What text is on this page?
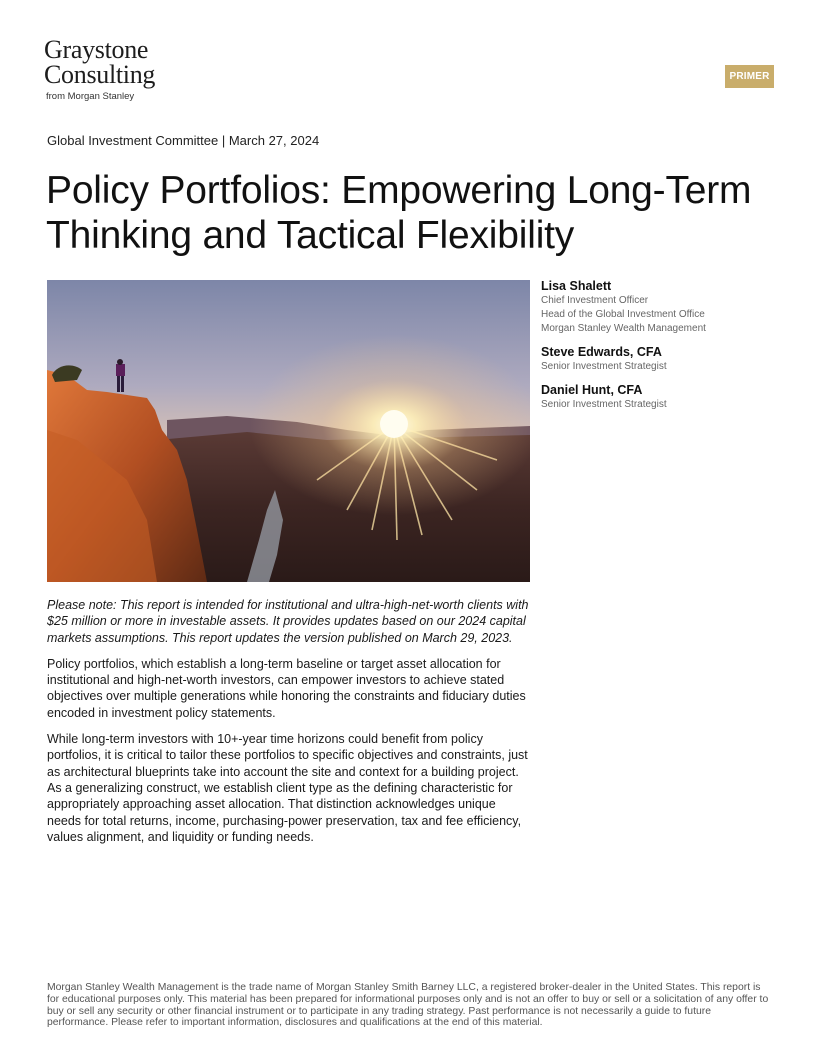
Graystone
Consulting
from Morgan Stanley
PRIMER
Global Investment Committee | March 27, 2024
Policy Portfolios: Empowering Long-Term Thinking and Tactical Flexibility
Lisa Shalett
Chief Investment Officer
Head of the Global Investment Office
Morgan Stanley Wealth Management
Steve Edwards, CFA
Senior Investment Strategist
Daniel Hunt, CFA
Senior Investment Strategist

Please note: This report is intended for institutional and ultra-high-net-worth clients with $25 million or more in investable assets. It provides updates based on our 2024 capital markets assumptions. This report updates the version published on March 29, 2023.

Policy portfolios, which establish a long-term baseline or target asset allocation for institutional and high-net-worth investors, can empower investors to achieve stated objectives over multiple generations while honoring the constraints and fiduciary duties encoded in investment policy statements.

While long-term investors with 10+-year time horizons could benefit from policy portfolios, it is critical to tailor these portfolios to specific objectives and constraints, just as architectural blueprints take into account the site and context for a building project. As a generalizing construct, we establish client type as the defining characteristic for appropriately approaching asset allocation. That distinction acknowledges unique needs for total returns, income, purchasing-power preservation, tax and fee efficiency, values alignment, and liquidity or funding needs.

Morgan Stanley Wealth Management is the trade name of Morgan Stanley Smith Barney LLC, a registered broker-dealer in the United States. This report is for educational purposes only. This material has been prepared for informational purposes only and is not an offer to buy or sell or a solicitation of any offer to buy or sell any security or other financial instrument or to participate in any trading strategy. Past performance is not necessarily a guide to future performance. Please refer to important information, disclosures and qualifications at the end of this material.
